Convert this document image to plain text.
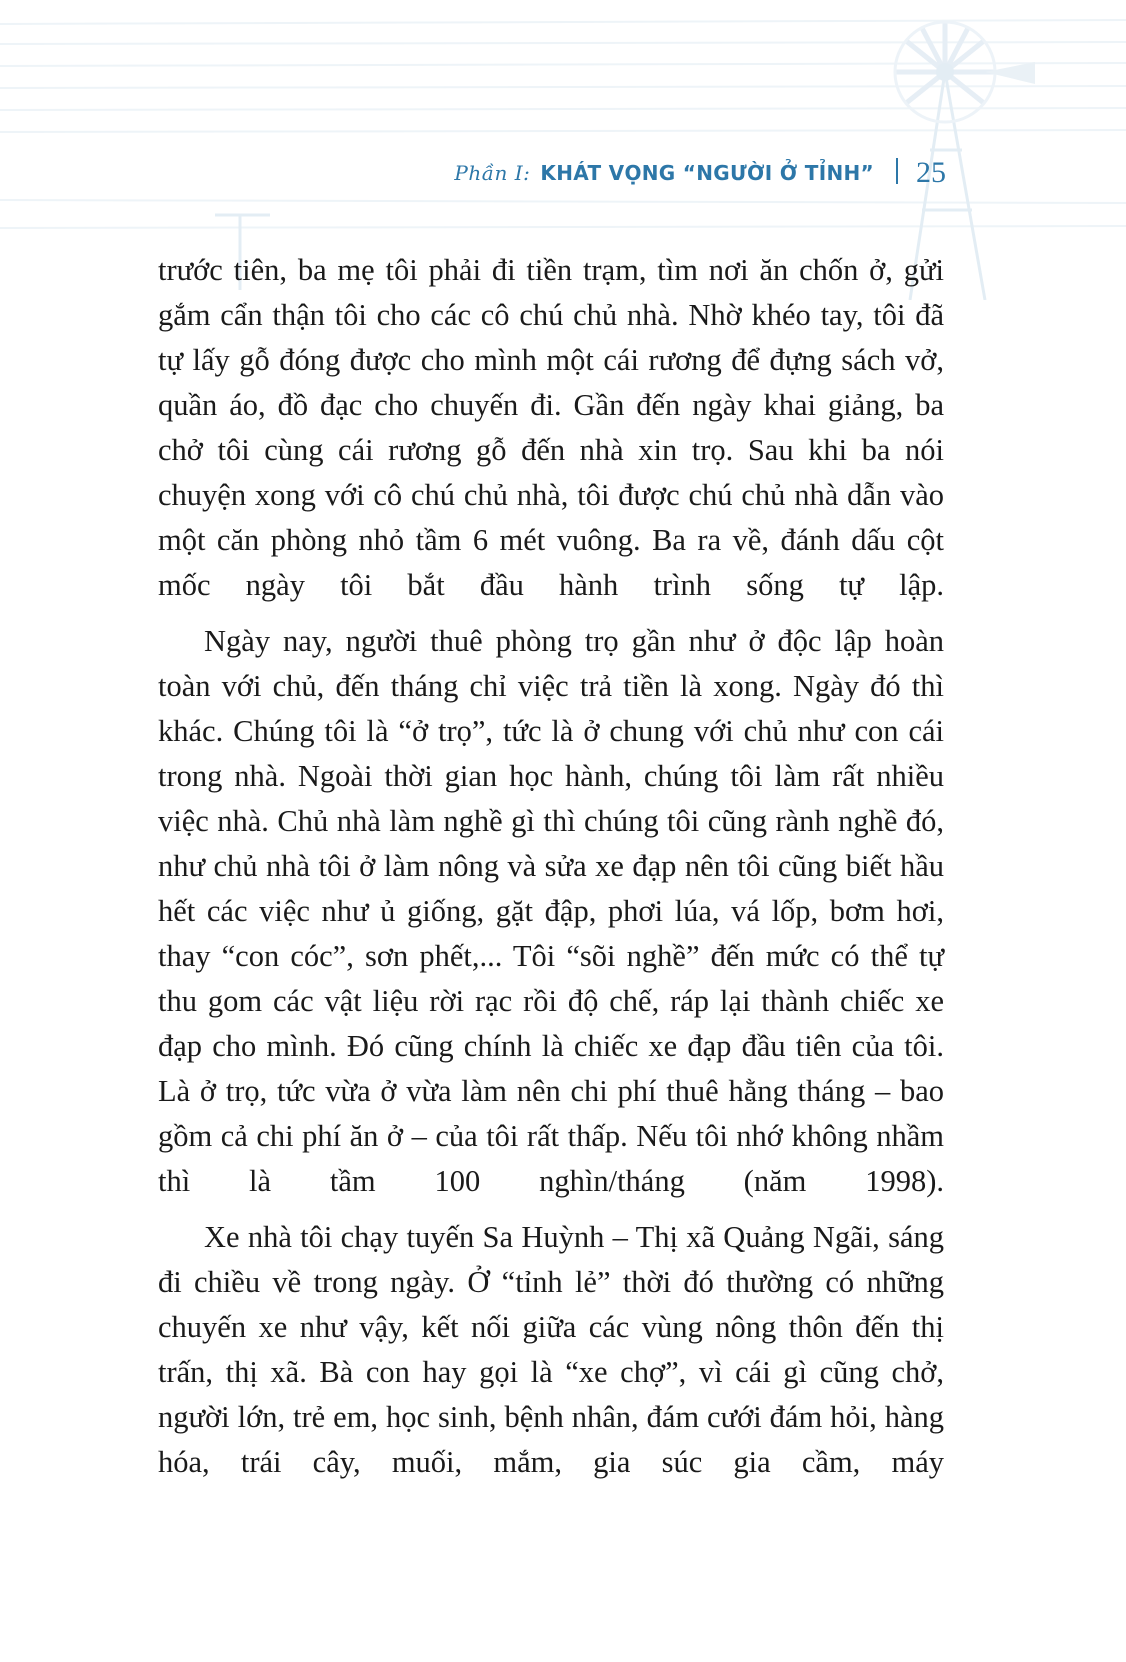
Phần I: KHÁT VỌNG “NGƯỜI Ở TỈNH” 25

trước tiên, ba mẹ tôi phải đi tiền trạm, tìm nơi ăn chốn ở, gửi gắm cẩn thận tôi cho các cô chú chủ nhà. Nhờ khéo tay, tôi đã tự lấy gỗ đóng được cho mình một cái rương để đựng sách vở, quần áo, đồ đạc cho chuyến đi. Gần đến ngày khai giảng, ba chở tôi cùng cái rương gỗ đến nhà xin trọ. Sau khi ba nói chuyện xong với cô chú chủ nhà, tôi được chú chủ nhà dẫn vào một căn phòng nhỏ tầm 6 mét vuông. Ba ra về, đánh dấu cột mốc ngày tôi bắt đầu hành trình sống tự lập.

Ngày nay, người thuê phòng trọ gần như ở độc lập hoàn toàn với chủ, đến tháng chỉ việc trả tiền là xong. Ngày đó thì khác. Chúng tôi là “ở trọ”, tức là ở chung với chủ như con cái trong nhà. Ngoài thời gian học hành, chúng tôi làm rất nhiều việc nhà. Chủ nhà làm nghề gì thì chúng tôi cũng rành nghề đó, như chủ nhà tôi ở làm nông và sửa xe đạp nên tôi cũng biết hầu hết các việc như ủ giống, gặt đập, phơi lúa, vá lốp, bơm hơi, thay “con cóc”, sơn phết,... Tôi “sõi nghề” đến mức có thể tự thu gom các vật liệu rời rạc rồi độ chế, ráp lại thành chiếc xe đạp cho mình. Đó cũng chính là chiếc xe đạp đầu tiên của tôi. Là ở trọ, tức vừa ở vừa làm nên chi phí thuê hằng tháng – bao gồm cả chi phí ăn ở – của tôi rất thấp. Nếu tôi nhớ không nhầm thì là tầm 100 nghìn/tháng (năm 1998).

Xe nhà tôi chạy tuyến Sa Huỳnh – Thị xã Quảng Ngãi, sáng đi chiều về trong ngày. Ở “tỉnh lẻ” thời đó thường có những chuyến xe như vậy, kết nối giữa các vùng nông thôn đến thị trấn, thị xã. Bà con hay gọi là “xe chợ”, vì cái gì cũng chở, người lớn, trẻ em, học sinh, bệnh nhân, đám cưới đám hỏi, hàng hóa, trái cây, muối, mắm, gia súc gia cầm, máy
